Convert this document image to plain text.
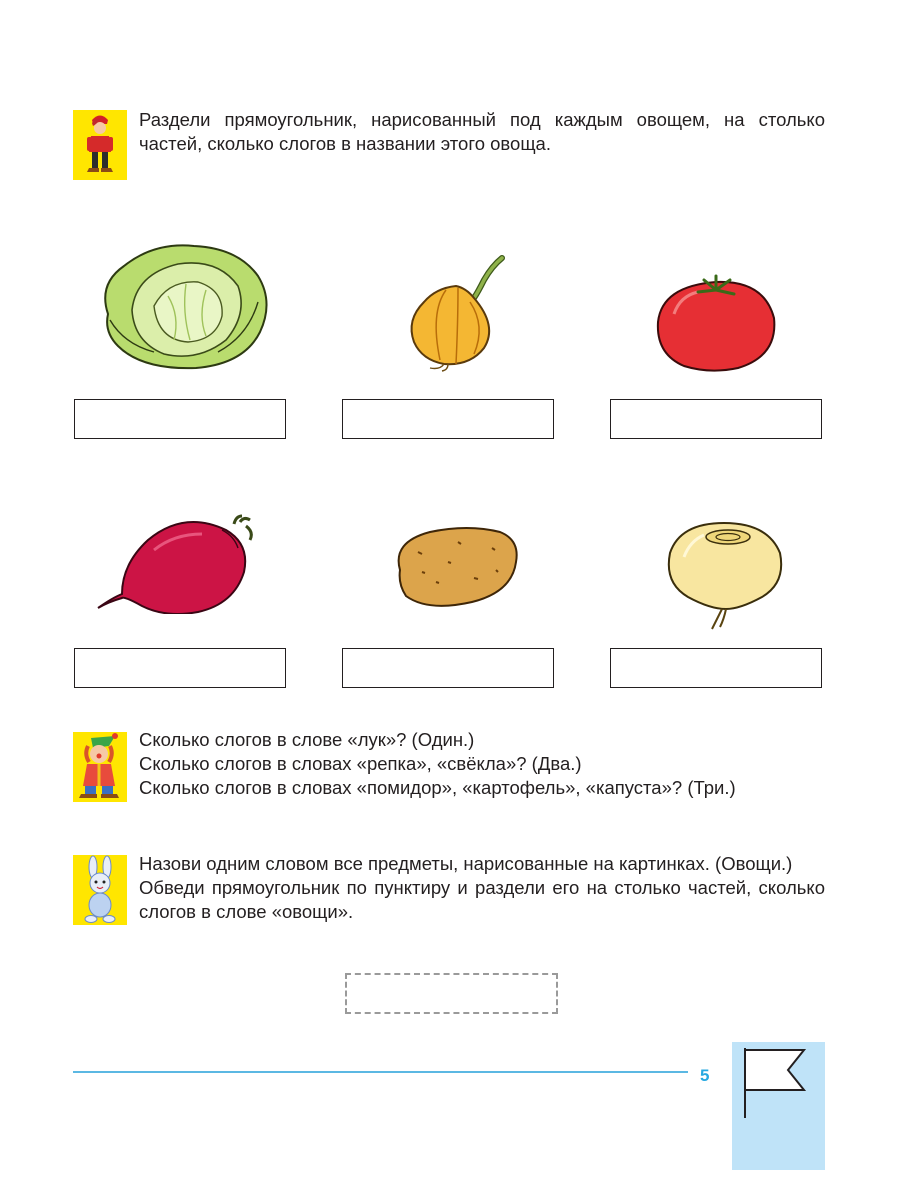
Раздели прямоугольник, нарисованный под каждым овощем, на столько частей, сколько слогов в названии этого овоща.

Сколько слогов в слове «лук»? (Один.)

Сколько слогов в словах «репка», «свёкла»? (Два.)

Сколько слогов в словах «помидор», «картофель», «капуста»? (Три.)

Назови одним словом все предметы, нарисованные на картинках. (Овощи.)

Обведи прямоугольник по пунктиру и раздели его на столько частей, сколько слогов в слове «овощи».

5
